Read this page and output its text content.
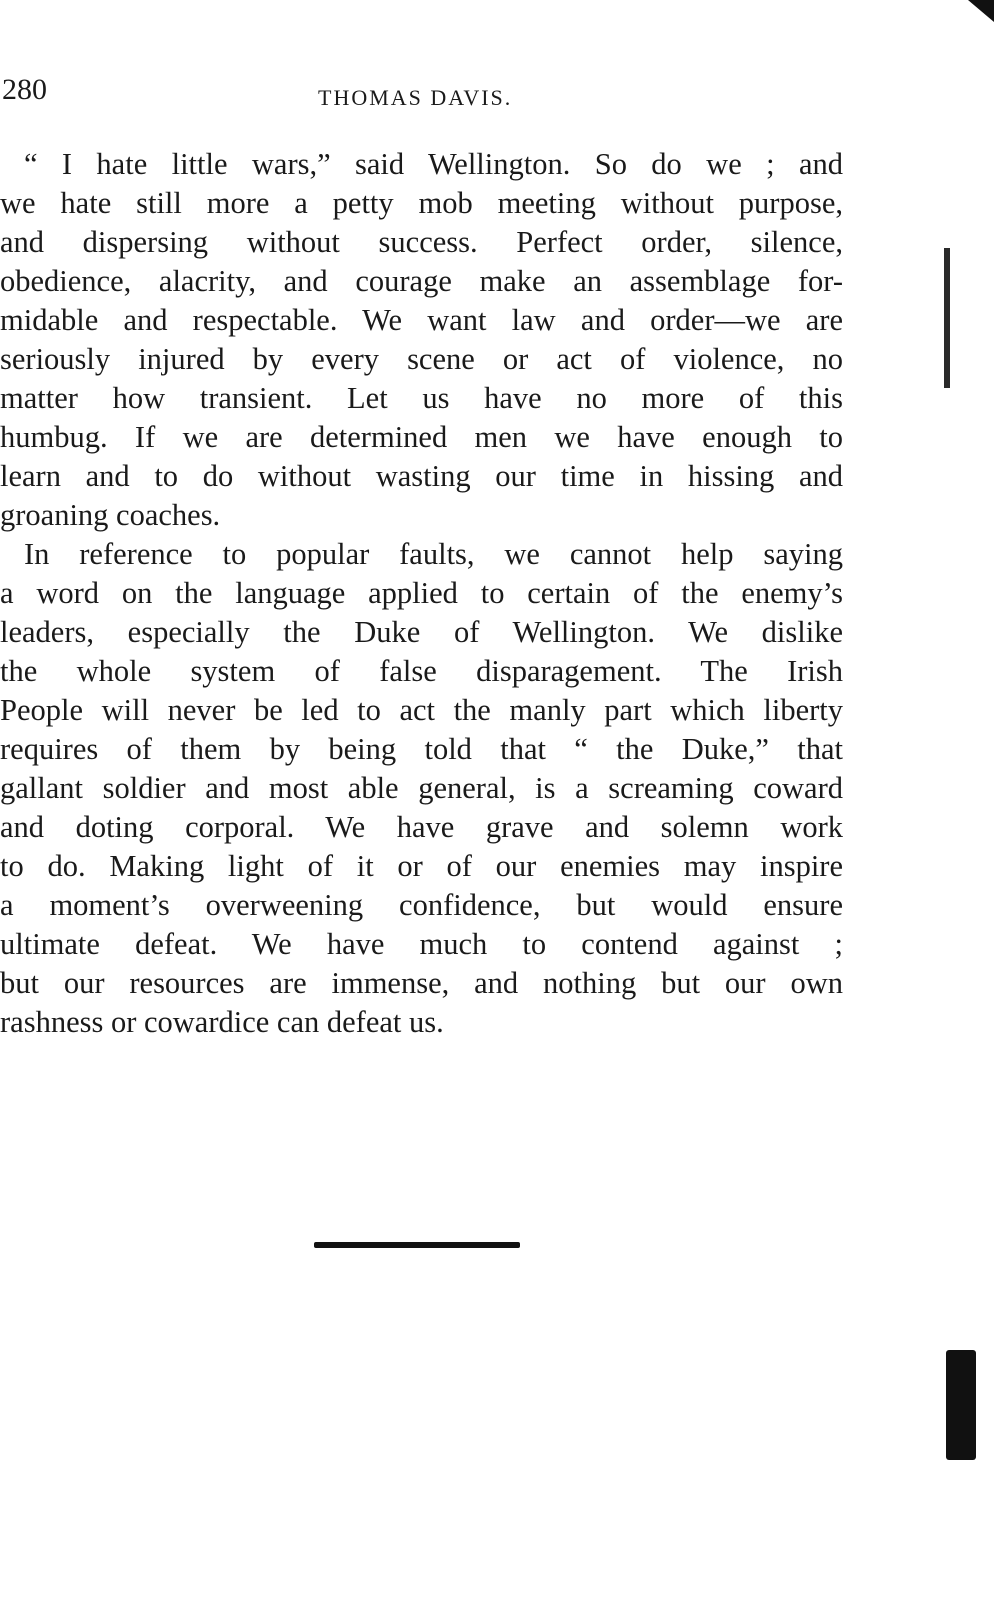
280	THOMAS DAVIS.
“ I hate little wars,” said Wellington. So do we ; and
we hate still more a petty mob meeting without purpose,
and dispersing without success. Perfect order, silence,
obedience, alacrity, and courage make an assemblage for-
midable and respectable. We want law and order—we are
seriously injured by every scene or act of violence, no
matter how transient. Let us have no more of this
humbug. If we are determined men we have enough to
learn and to do without wasting our time in hissing and
groaning coaches.
In reference to popular faults, we cannot help saying
a word on the language applied to certain of the enemy’s
leaders, especially the Duke of Wellington. We dislike
the whole system of false disparagement. The Irish
People will never be led to act the manly part which liberty
requires of them by being told that “ the Duke,” that
gallant soldier and most able general, is a screaming coward
and doting corporal. We have grave and solemn work
to do. Making light of it or of our enemies may inspire
a moment’s overweening confidence, but would ensure
ultimate defeat. We have much to contend against ;
but our resources are immense, and nothing but our own
rashness or cowardice can defeat us.
